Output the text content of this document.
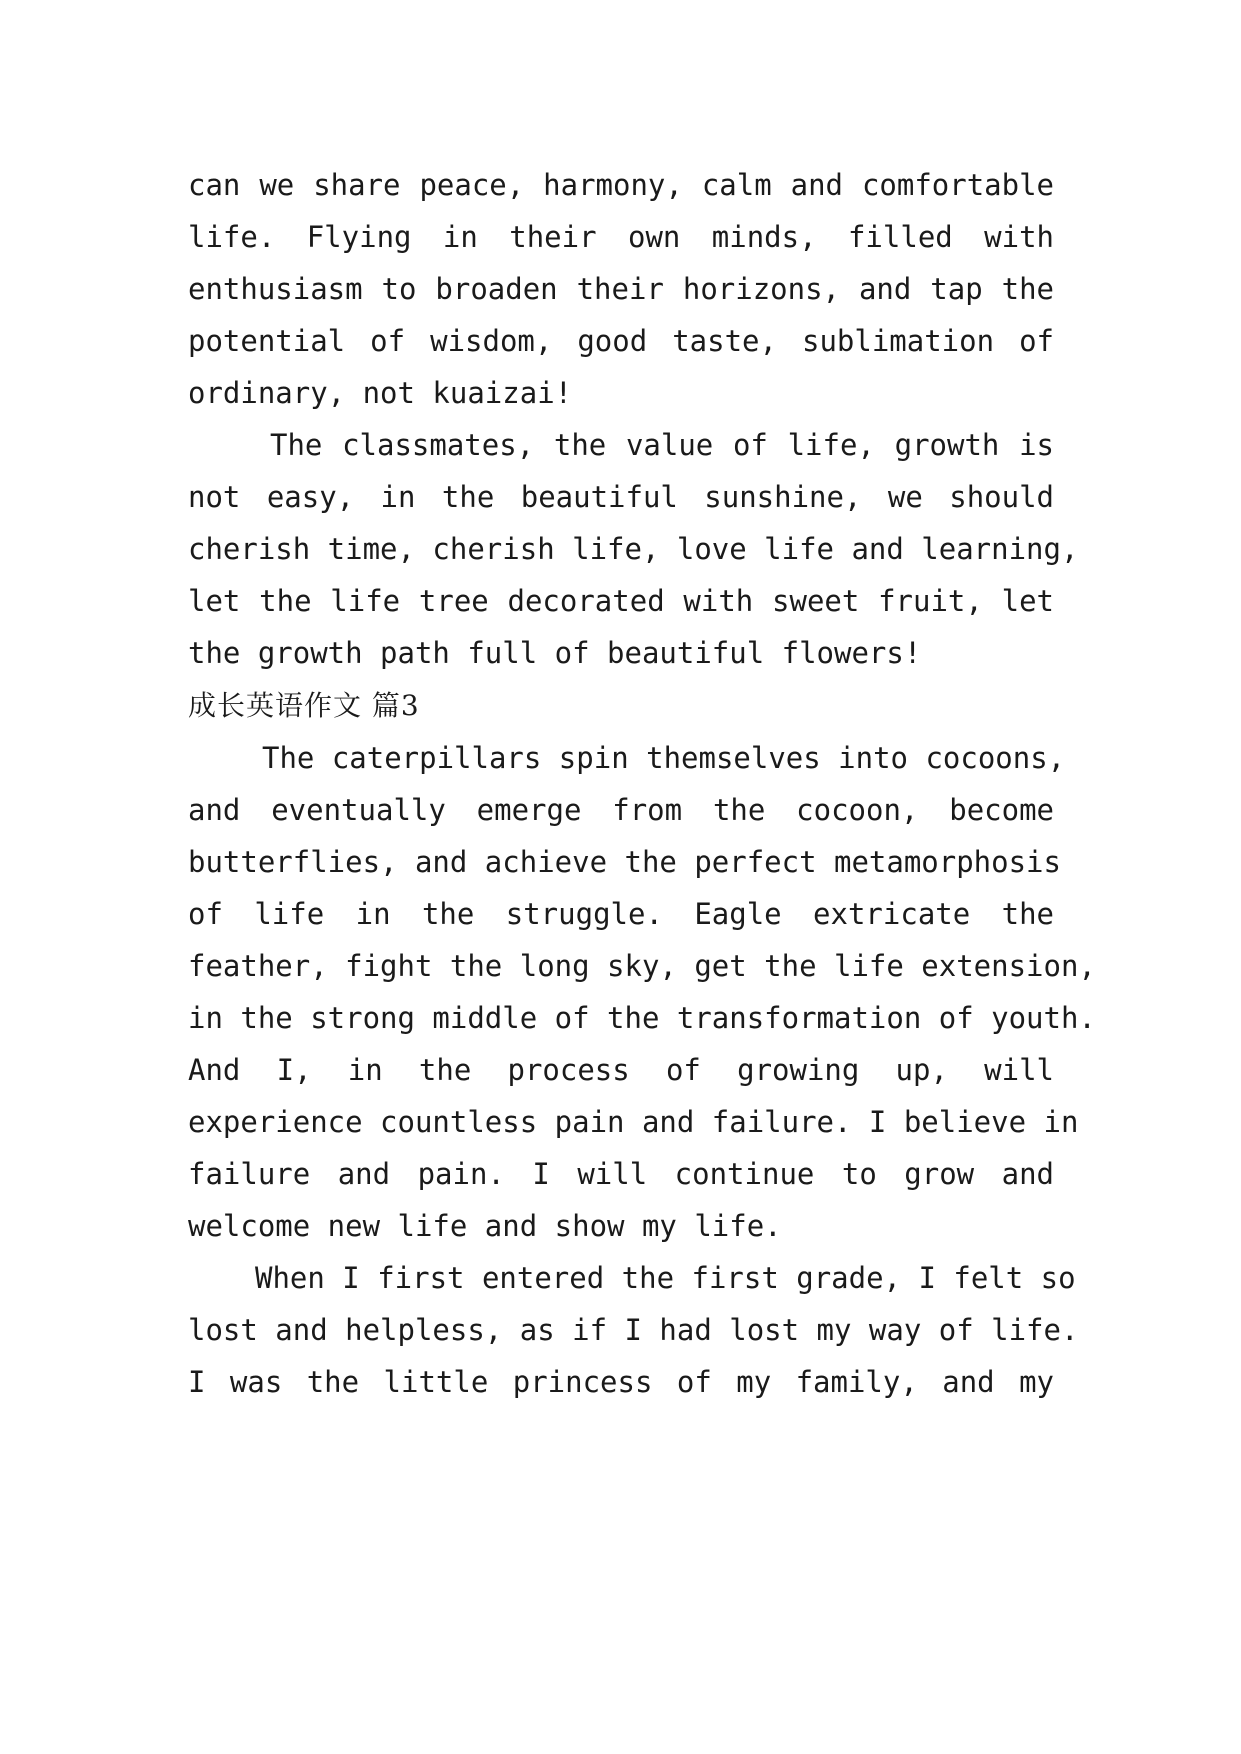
can we share peace, harmony, calm and comfortable
life. Flying in their own minds, filled with
enthusiasm to broaden their horizons, and tap the
potential of wisdom, good taste, sublimation of
ordinary, not kuaizai!
The classmates, the value of life, growth is
not easy, in the beautiful sunshine, we should
cherish time, cherish life, love life and learning,
let the life tree decorated with sweet fruit, let
the growth path full of beautiful flowers!
成长英语作文 篇3
The caterpillars spin themselves into cocoons,
and eventually emerge from the cocoon, become
butterflies, and achieve the perfect metamorphosis
of life in the struggle. Eagle extricate the
feather, fight the long sky, get the life extension,
in the strong middle of the transformation of youth.
And I, in the process of growing up, will
experience countless pain and failure. I believe in
failure and pain. I will continue to grow and
welcome new life and show my life.
When I first entered the first grade, I felt so
lost and helpless, as if I had lost my way of life.
I was the little princess of my family, and my
